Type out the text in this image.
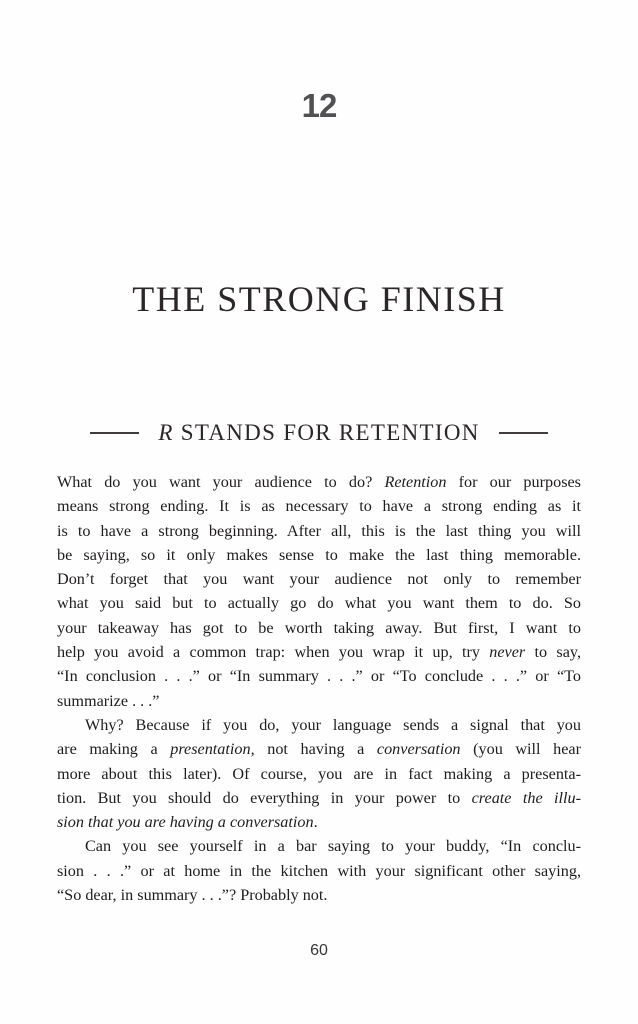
12
THE STRONG FINISH
R STANDS FOR RETENTION
What do you want your audience to do? Retention for our purposes
means strong ending. It is as necessary to have a strong ending as it
is to have a strong beginning. After all, this is the last thing you will
be saying, so it only makes sense to make the last thing memorable.
Don’t forget that you want your audience not only to remember
what you said but to actually go do what you want them to do. So
your takeaway has got to be worth taking away. But first, I want to
help you avoid a common trap: when you wrap it up, try never to say,
“In conclusion . . .” or “In summary . . .” or “To conclude . . .” or “To
summarize . . .”
Why? Because if you do, your language sends a signal that you
are making a presentation, not having a conversation (you will hear
more about this later). Of course, you are in fact making a presenta-
tion. But you should do everything in your power to create the illu-
sion that you are having a conversation.
Can you see yourself in a bar saying to your buddy, “In conclu-
sion . . .” or at home in the kitchen with your significant other saying,
“So dear, in summary . . .”? Probably not.
60
